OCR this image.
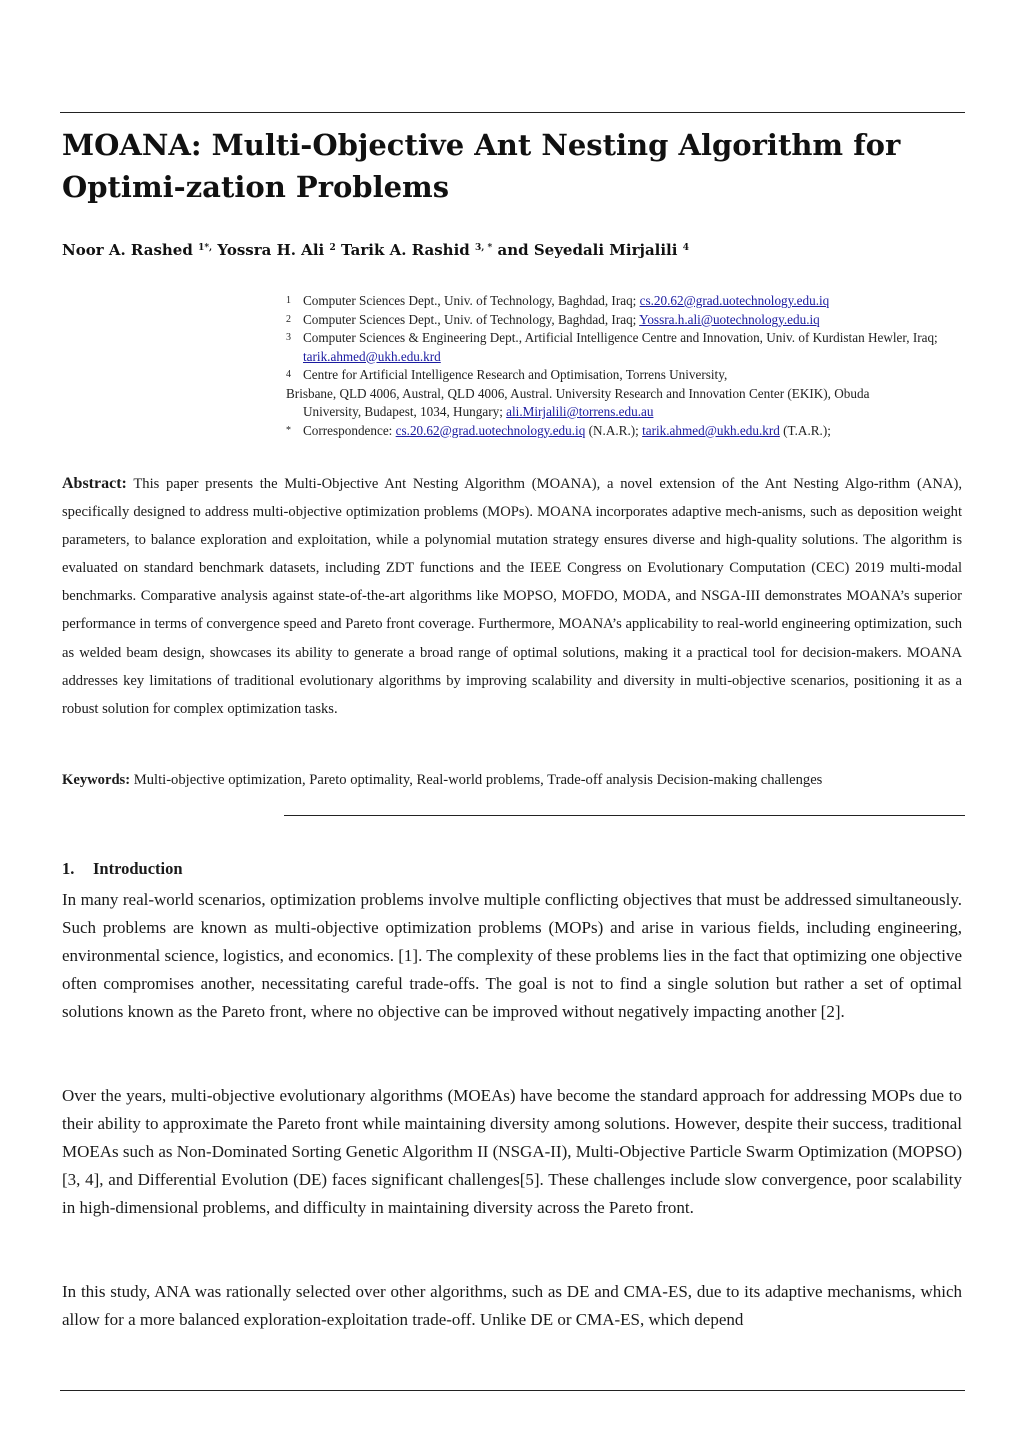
MOANA: Multi-Objective Ant Nesting Algorithm for Optimi-zation Problems

Noor A. Rashed $^{1*,}$ Yossra H. Ali $^2$ Tarik A. Rashid $^{3, *}$ and Seyedali Mirjalili $^4$

1 Computer Sciences Dept., Univ. of Technology, Baghdad, Iraq; cs.20.62@grad.uotechnology.edu.iq
2 Computer Sciences Dept., Univ. of Technology, Baghdad, Iraq; Yossra.h.ali@uotechnology.edu.iq
3 Computer Sciences & Engineering Dept., Artificial Intelligence Centre and Innovation, Univ. of Kurdistan Hewler, Iraq; tarik.ahmed@ukh.edu.krd
4 Centre for Artificial Intelligence Research and Optimisation, Torrens University,
Brisbane, QLD 4006, Austral, QLD 4006, Austral. University Research and Innovation Center (EKIK), Obuda
University, Budapest, 1034, Hungary; ali.Mirjalili@torrens.edu.au
* Correspondence: cs.20.62@grad.uotechnology.edu.iq (N.A.R.); tarik.ahmed@ukh.edu.krd (T.A.R.);

Abstract: This paper presents the Multi-Objective Ant Nesting Algorithm (MOANA), a novel extension of the Ant Nesting Algo-rithm (ANA), specifically designed to address multi-objective optimization problems (MOPs). MOANA incorporates adaptive mech-anisms, such as deposition weight parameters, to balance exploration and exploitation, while a polynomial mutation strategy ensures diverse and high-quality solutions. The algorithm is evaluated on standard benchmark datasets, including ZDT functions and the IEEE Congress on Evolutionary Computation (CEC) 2019 multi-modal benchmarks. Comparative analysis against state-of-the-art algorithms like MOPSO, MOFDO, MODA, and NSGA-III demonstrates MOANA’s superior performance in terms of convergence speed and Pareto front coverage. Furthermore, MOANA’s applicability to real-world engineering optimization, such as welded beam design, showcases its ability to generate a broad range of optimal solutions, making it a practical tool for decision-makers. MOANA addresses key limitations of traditional evolutionary algorithms by improving scalability and diversity in multi-objective scenarios, positioning it as a robust solution for complex optimization tasks.

Keywords: Multi-objective optimization, Pareto optimality, Real-world problems, Trade-off analysis Decision-making challenges

1. Introduction

In many real-world scenarios, optimization problems involve multiple conflicting objectives that must be addressed simultaneously. Such problems are known as multi-objective optimization problems (MOPs) and arise in various fields, including engineering, environmental science, logistics, and economics. [1]. The complexity of these problems lies in the fact that optimizing one objective often compromises another, necessitating careful trade-offs. The goal is not to find a single solution but rather a set of optimal solutions known as the Pareto front, where no objective can be improved without negatively impacting another [2].

Over the years, multi-objective evolutionary algorithms (MOEAs) have become the standard approach for addressing MOPs due to their ability to approximate the Pareto front while maintaining diversity among solutions. However, despite their success, traditional MOEAs such as Non-Dominated Sorting Genetic Algorithm II (NSGA-II), Multi-Objective Particle Swarm Optimization (MOPSO)[3, 4], and Differential Evolution (DE) faces significant challenges[5]. These challenges include slow convergence, poor scalability in high-dimensional problems, and difficulty in maintaining diversity across the Pareto front.

In this study, ANA was rationally selected over other algorithms, such as DE and CMA-ES, due to its adaptive mechanisms, which allow for a more balanced exploration-exploitation trade-off. Unlike DE or CMA-ES, which depend
